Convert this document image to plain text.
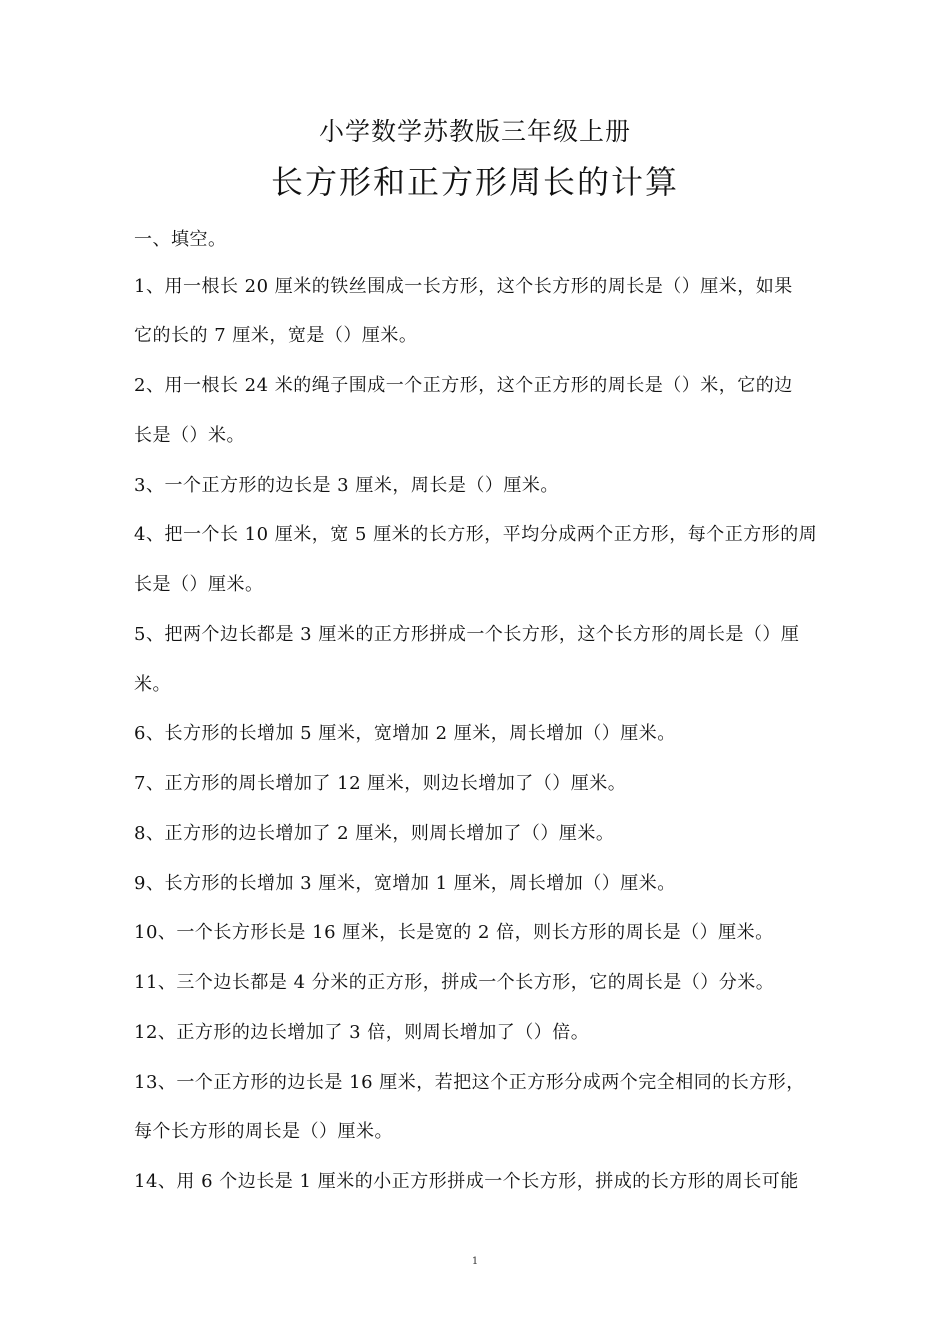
小学数学苏教版三年级上册
长方形和正方形周长的计算
一、填空。
1、用一根长 20 厘米的铁丝围成一长方形，这个长方形的周长是（）厘米，如果
它的长的 7 厘米，宽是（）厘米。
2、用一根长 24 米的绳子围成一个正方形，这个正方形的周长是（）米，它的边
长是（）米。
3、一个正方形的边长是 3 厘米，周长是（）厘米。
4、把一个长 10 厘米，宽 5 厘米的长方形，平均分成两个正方形，每个正方形的周
长是（）厘米。
5、把两个边长都是 3 厘米的正方形拼成一个长方形，这个长方形的周长是（）厘
米。
6、长方形的长增加 5 厘米，宽增加 2 厘米，周长增加（）厘米。
7、正方形的周长增加了 12 厘米，则边长增加了（）厘米。
8、正方形的边长增加了 2 厘米，则周长增加了（）厘米。
9、长方形的长增加 3 厘米，宽增加 1 厘米，周长增加（）厘米。
10、一个长方形长是 16 厘米，长是宽的 2 倍，则长方形的周长是（）厘米。
11、三个边长都是 4 分米的正方形，拼成一个长方形，它的周长是（）分米。
12、正方形的边长增加了 3 倍，则周长增加了（）倍。
13、一个正方形的边长是 16 厘米，若把这个正方形分成两个完全相同的长方形，
每个长方形的周长是（）厘米。
14、用 6 个边长是 1 厘米的小正方形拼成一个长方形，拼成的长方形的周长可能
1
